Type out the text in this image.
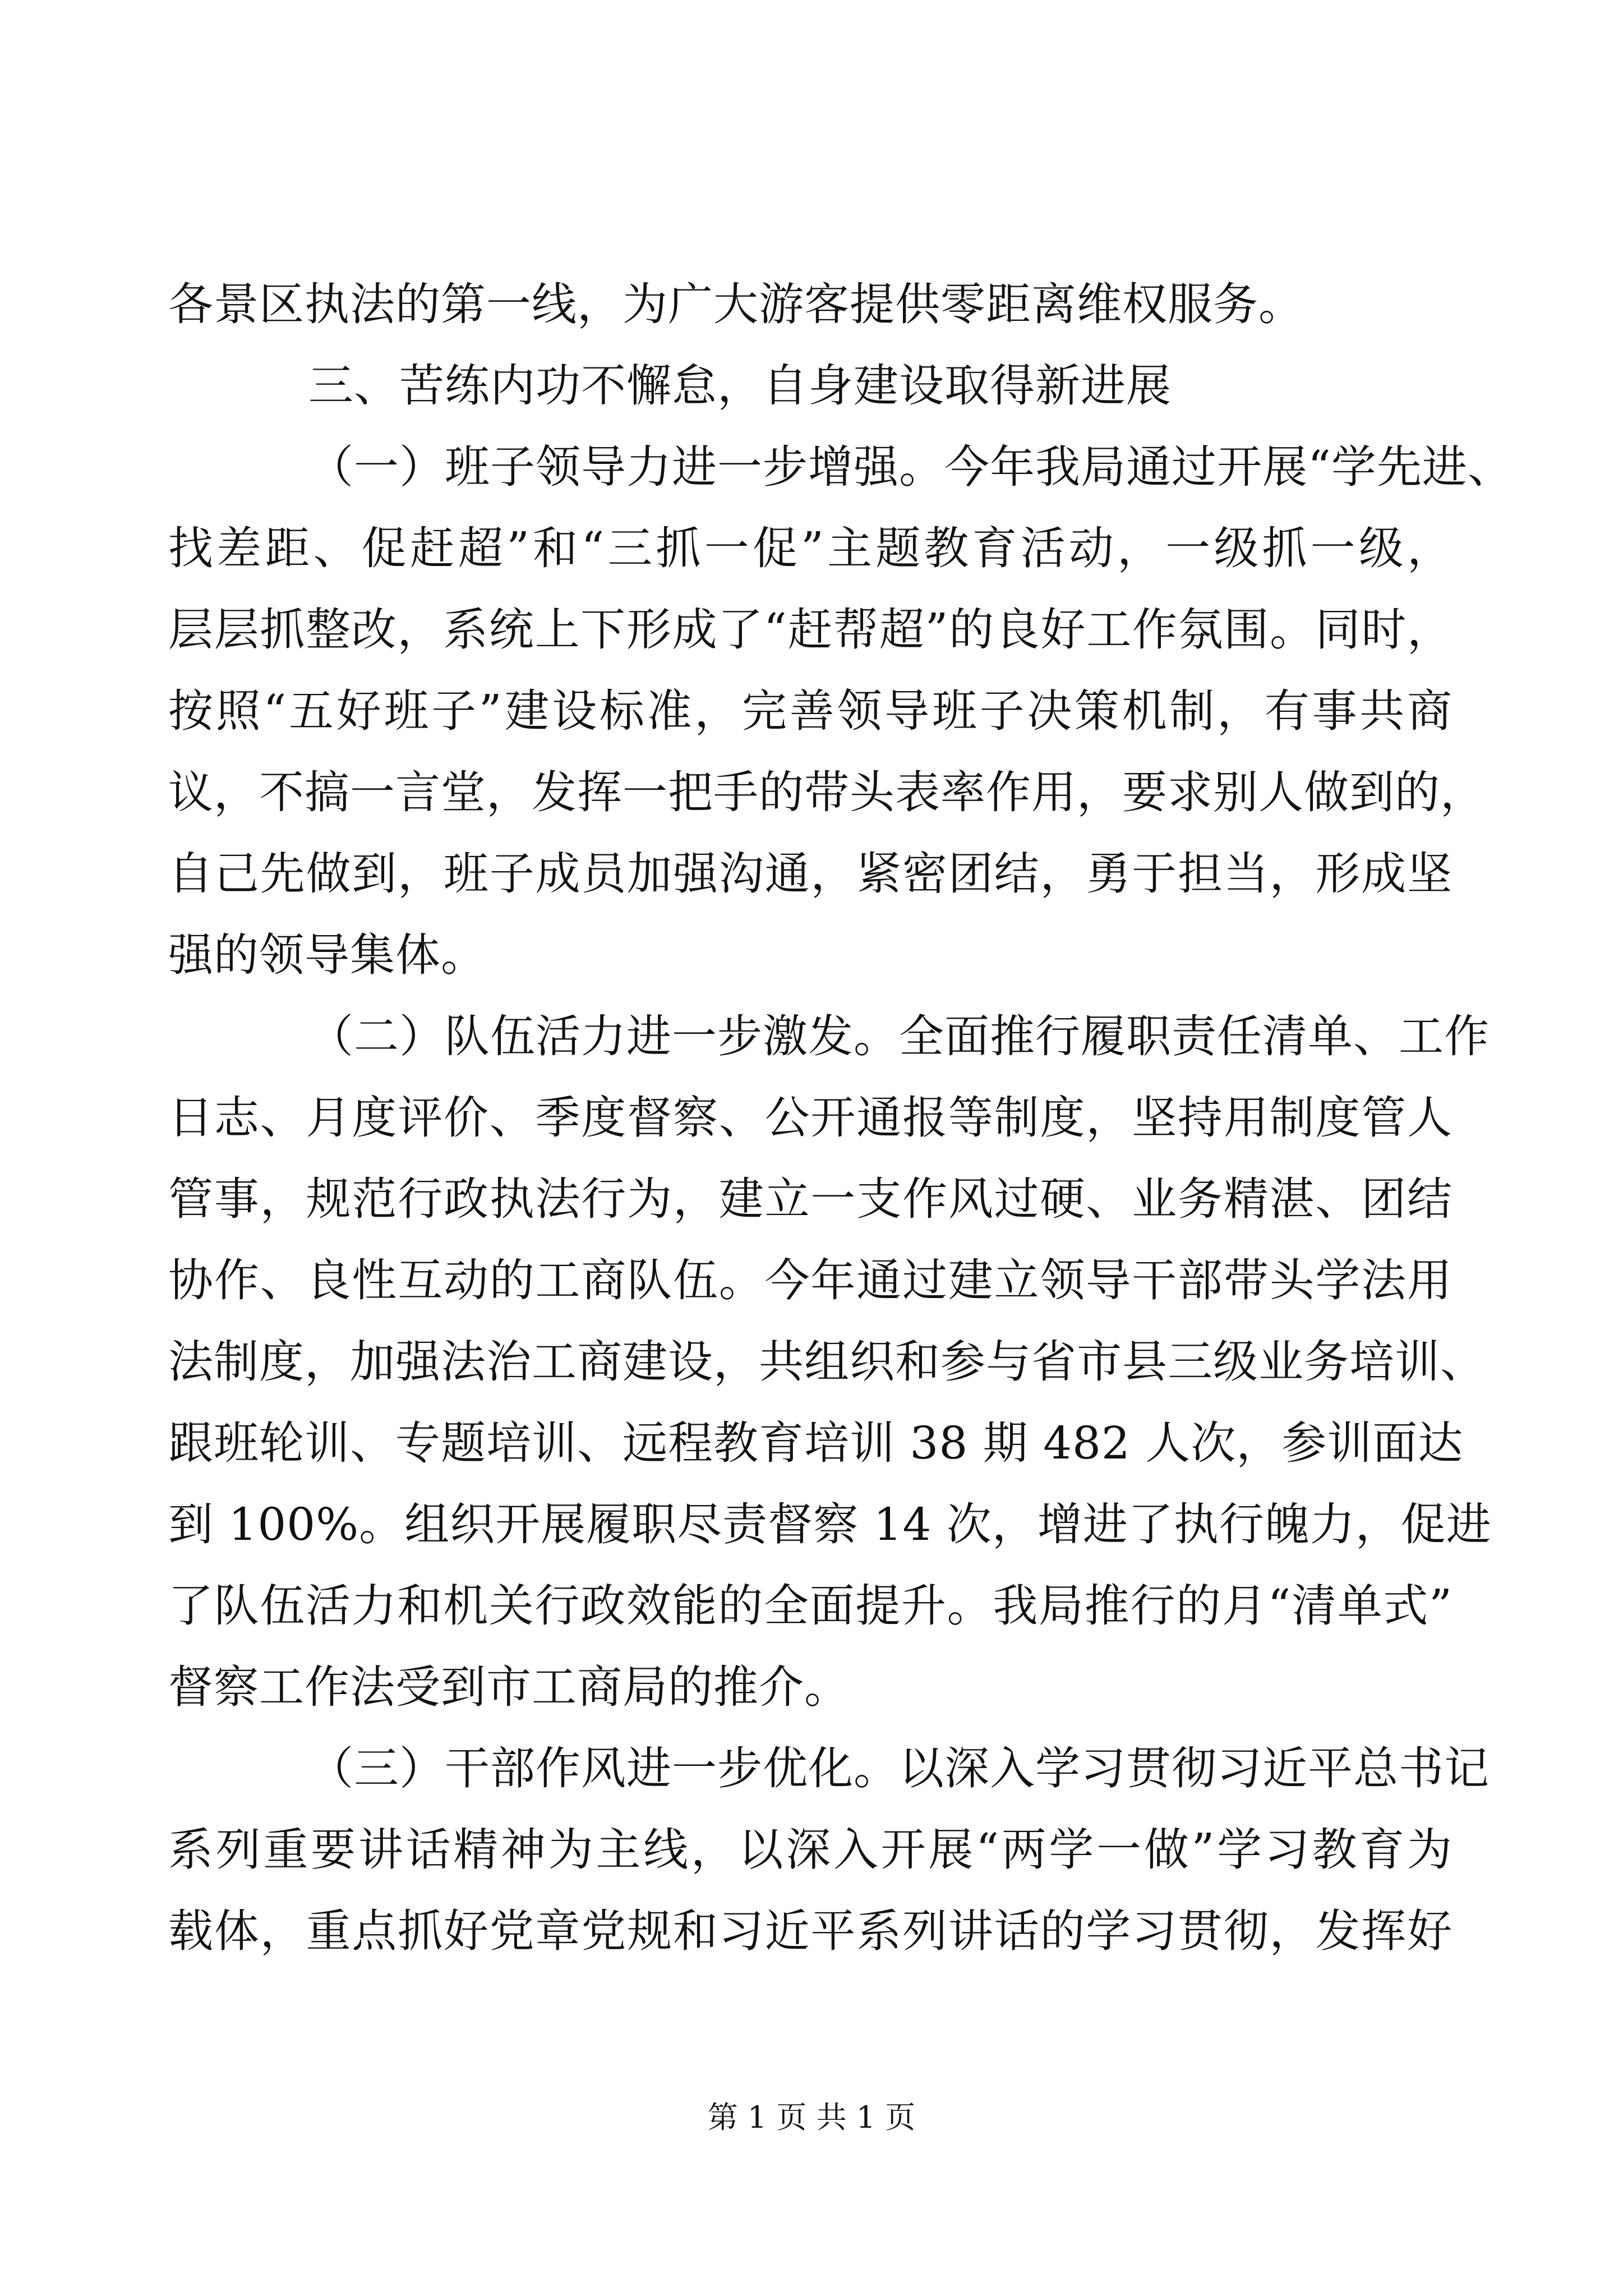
各景区执法的第一线，为广大游客提供零距离维权服务。
三、苦练内功不懈怠，自身建设取得新进展
（一）班子领导力进一步增强。今年我局通过开展“学先进、
找差距、促赶超”和“三抓一促”主题教育活动，一级抓一级，
层层抓整改，系统上下形成了“赶帮超”的良好工作氛围。同时，
按照“五好班子”建设标准，完善领导班子决策机制，有事共商
议，不搞一言堂，发挥一把手的带头表率作用，要求别人做到的，
自己先做到，班子成员加强沟通，紧密团结，勇于担当，形成坚
强的领导集体。
（二）队伍活力进一步激发。全面推行履职责任清单、工作
日志、月度评价、季度督察、公开通报等制度，坚持用制度管人
管事，规范行政执法行为，建立一支作风过硬、业务精湛、团结
协作、良性互动的工商队伍。今年通过建立领导干部带头学法用
法制度，加强法治工商建设，共组织和参与省市县三级业务培训、
跟班轮训、专题培训、远程教育培训 38 期 482 人次，参训面达
到 100%。组织开展履职尽责督察 14 次，增进了执行魄力，促进
了队伍活力和机关行政效能的全面提升。我局推行的月“清单式”
督察工作法受到市工商局的推介。
（三）干部作风进一步优化。以深入学习贯彻习近平总书记
系列重要讲话精神为主线，以深入开展“两学一做”学习教育为
载体，重点抓好党章党规和习近平系列讲话的学习贯彻，发挥好
第 1 页 共 1 页
